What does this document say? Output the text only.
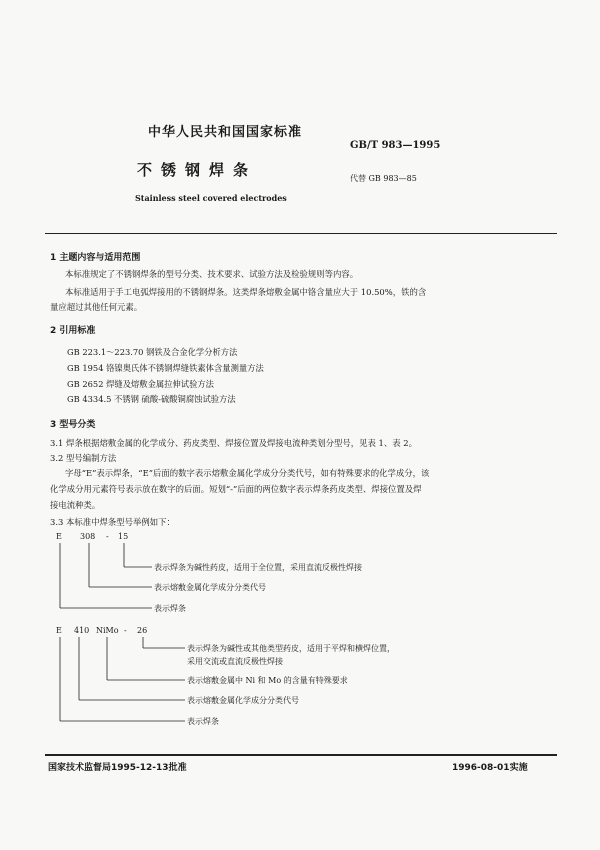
中华人民共和国国家标准
GB/T 983—1995
不锈钢焊条	代替 GB 983—85
Stainless steel covered electrodes
1 主题内容与适用范围
本标准规定了不锈钢焊条的型号分类、技术要求、试验方法及检验规则等内容。
本标准适用于手工电弧焊接用的不锈钢焊条。这类焊条熔敷金属中铬含量应大于 10.50%，铁的含
量应超过其他任何元素。
2 引用标准
GB 223.1～223.70 钢铁及合金化学分析方法
GB 1954 铬镍奥氏体不锈钢焊缝铁素体含量测量方法
GB 2652 焊缝及熔敷金属拉伸试验方法
GB 4334.5 不锈钢 硫酸-硫酸铜腐蚀试验方法
3 型号分类
3.1 焊条根据熔敷金属的化学成分、药皮类型、焊接位置及焊接电流种类划分型号，见表 1、表 2。
3.2 型号编制方法
字母“E”表示焊条，“E”后面的数字表示熔敷金属化学成分分类代号，如有特殊要求的化学成分，该
化学成分用元素符号表示放在数字的后面。短划“-”后面的两位数字表示焊条药皮类型、焊接位置及焊
接电流种类。
3.3 本标准中焊条型号举例如下：
E 308 - 15
表示焊条为碱性药皮，适用于全位置，采用直流反极性焊接
表示熔敷金属化学成分分类代号
表示焊条
E 410 NiMo - 26
表示焊条为碱性或其他类型药皮，适用于平焊和横焊位置，
采用交流或直流反极性焊接
表示熔敷金属中 Ni 和 Mo 的含量有特殊要求
表示熔敷金属化学成分分类代号
表示焊条
国家技术监督局1995-12-13批准	1996-08-01实施
